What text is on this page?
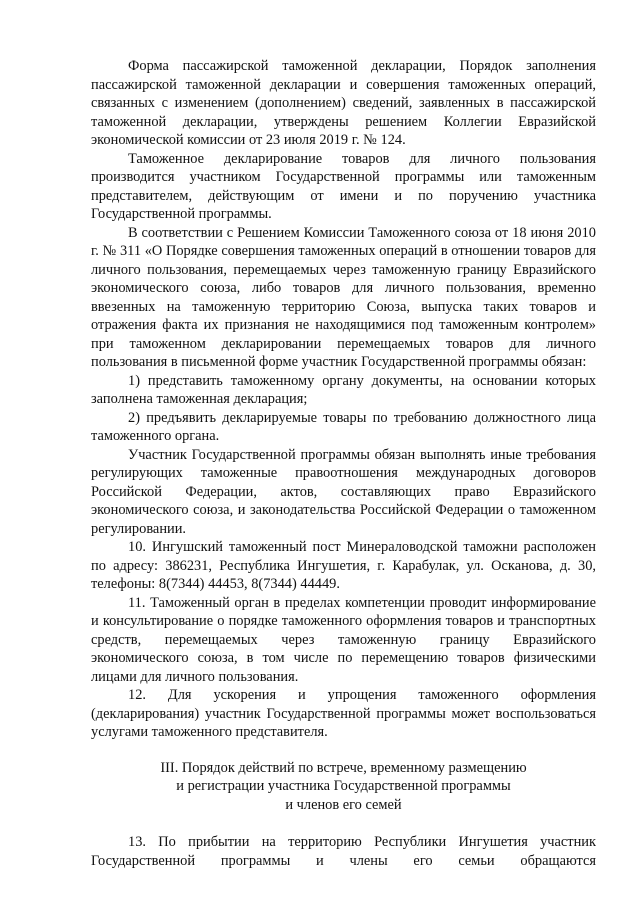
Форма пассажирской таможенной декларации, Порядок заполнения пассажирской таможенной декларации и совершения таможенных операций, связанных с изменением (дополнением) сведений, заявленных в пассажирской таможенной декларации, утверждены решением Коллегии Евразийской экономической комиссии от 23 июля 2019 г. № 124.

Таможенное декларирование товаров для личного пользования производится участником Государственной программы или таможенным представителем, действующим от имени и по поручению участника Государственной программы.

В соответствии с Решением Комиссии Таможенного союза от 18 июня 2010 г. № 311 «О Порядке совершения таможенных операций в отношении товаров для личного пользования, перемещаемых через таможенную границу Евразийского экономического союза, либо товаров для личного пользования, временно ввезенных на таможенную территорию Союза, выпуска таких товаров и отражения факта их признания не находящимися под таможенным контролем» при таможенном декларировании перемещаемых товаров для личного пользования в письменной форме участник Государственной программы обязан:

1) представить таможенному органу документы, на основании которых заполнена таможенная декларация;

2) предъявить декларируемые товары по требованию должностного лица таможенного органа.

Участник Государственной программы обязан выполнять иные требования регулирующих таможенные правоотношения международных договоров Российской Федерации, актов, составляющих право Евразийского экономического союза, и законодательства Российской Федерации о таможенном регулировании.

10. Ингушский таможенный пост Минераловодской таможни расположен по адресу: 386231, Республика Ингушетия, г. Карабулак, ул. Осканова, д. 30, телефоны: 8(7344) 44453, 8(7344) 44449.

11. Таможенный орган в пределах компетенции проводит информирование и консультирование о порядке таможенного оформления товаров и транспортных средств, перемещаемых через таможенную границу Евразийского экономического союза, в том числе по перемещению товаров физическими лицами для личного пользования.

12. Для ускорения и упрощения таможенного оформления (декларирования) участник Государственной программы может воспользоваться услугами таможенного представителя.

III. Порядок действий по встрече, временному размещению
и регистрации участника Государственной программы
и членов его семей

13. По прибытии на территорию Республики Ингушетия участник Государственной программы и члены его семьи обращаются
